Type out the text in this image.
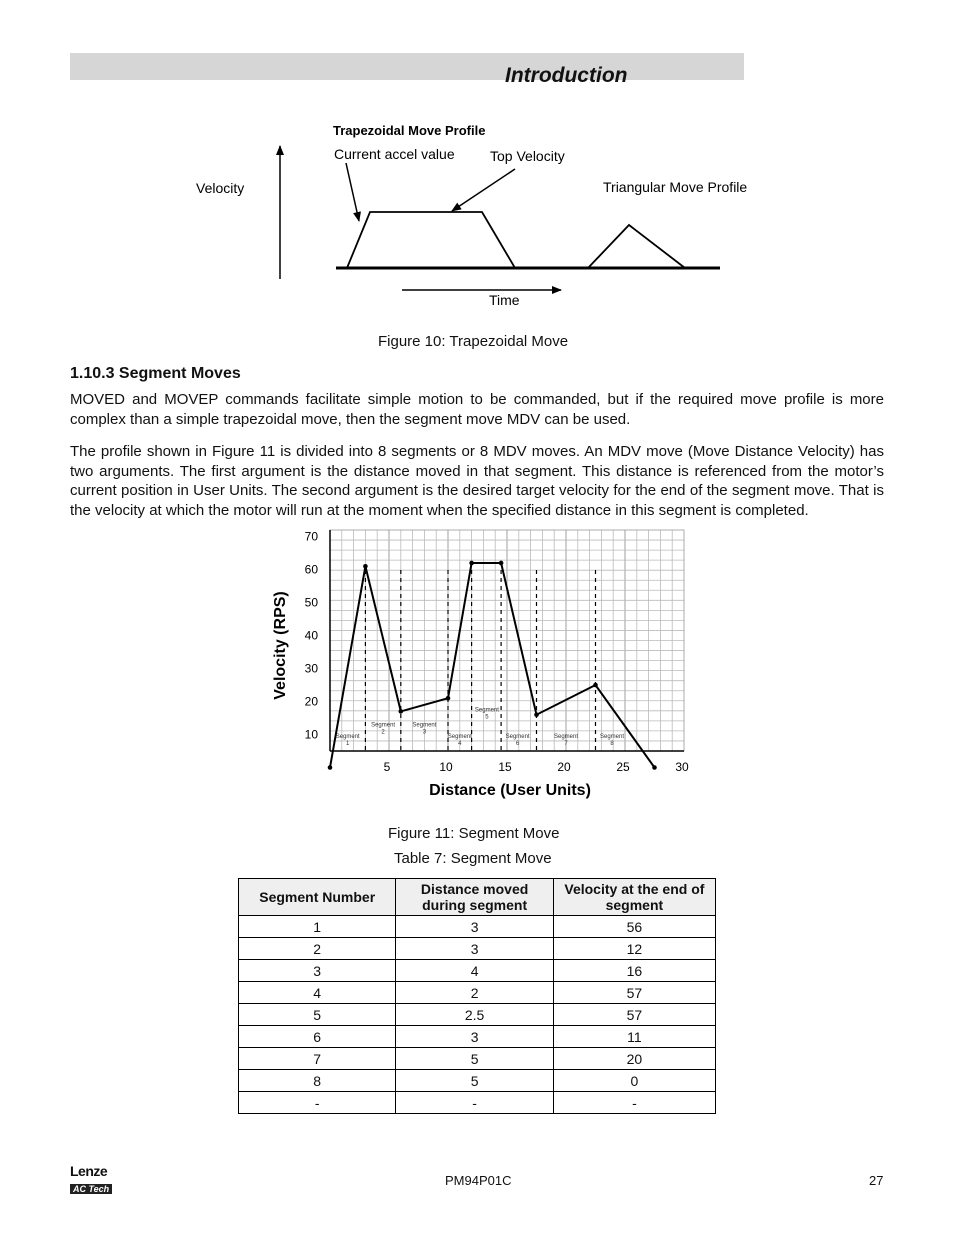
Introduction
Trapezoidal Move Profile
Current accel value	Top Velocity
Velocity	Triangular Move Profile
Time
Figure 10: Trapezoidal Move
1.10.3 Segment Moves
MOVED and MOVEP commands facilitate simple motion to be commanded, but if the required move profile is more complex than a simple trapezoidal move, then the segment move MDV can be used.
The profile shown in Figure 11 is divided into 8 segments or 8 MDV moves. An MDV move (Move Distance Velocity) has two arguments. The first argument is the distance moved in that segment. This distance is referenced from the motor’s current position in User Units. The second argument is the desired target velocity for the end of the segment move. That is the velocity at which the motor will run at the moment when the specified distance in this segment is completed.
5	10	15	20	25	30
10
20
30
40
50
60
70
Segment 1
Segment 2
Segment 3
Segment 4
Segment 5
Segment 6
Segment 7
Segment 8
Velocity (RPS)
Distance (User Units)
Figure 11: Segment Move
Table 7: Segment Move
Segment Number	Distance moved during segment	Velocity at the end of segment
1	3	56
2	3	12
3	4	16
4	2	57
5	2.5	57
6	3	11
7	5	20
8	5	0
-	-	-
Lenze
AC Tech
PM94P01C	27
